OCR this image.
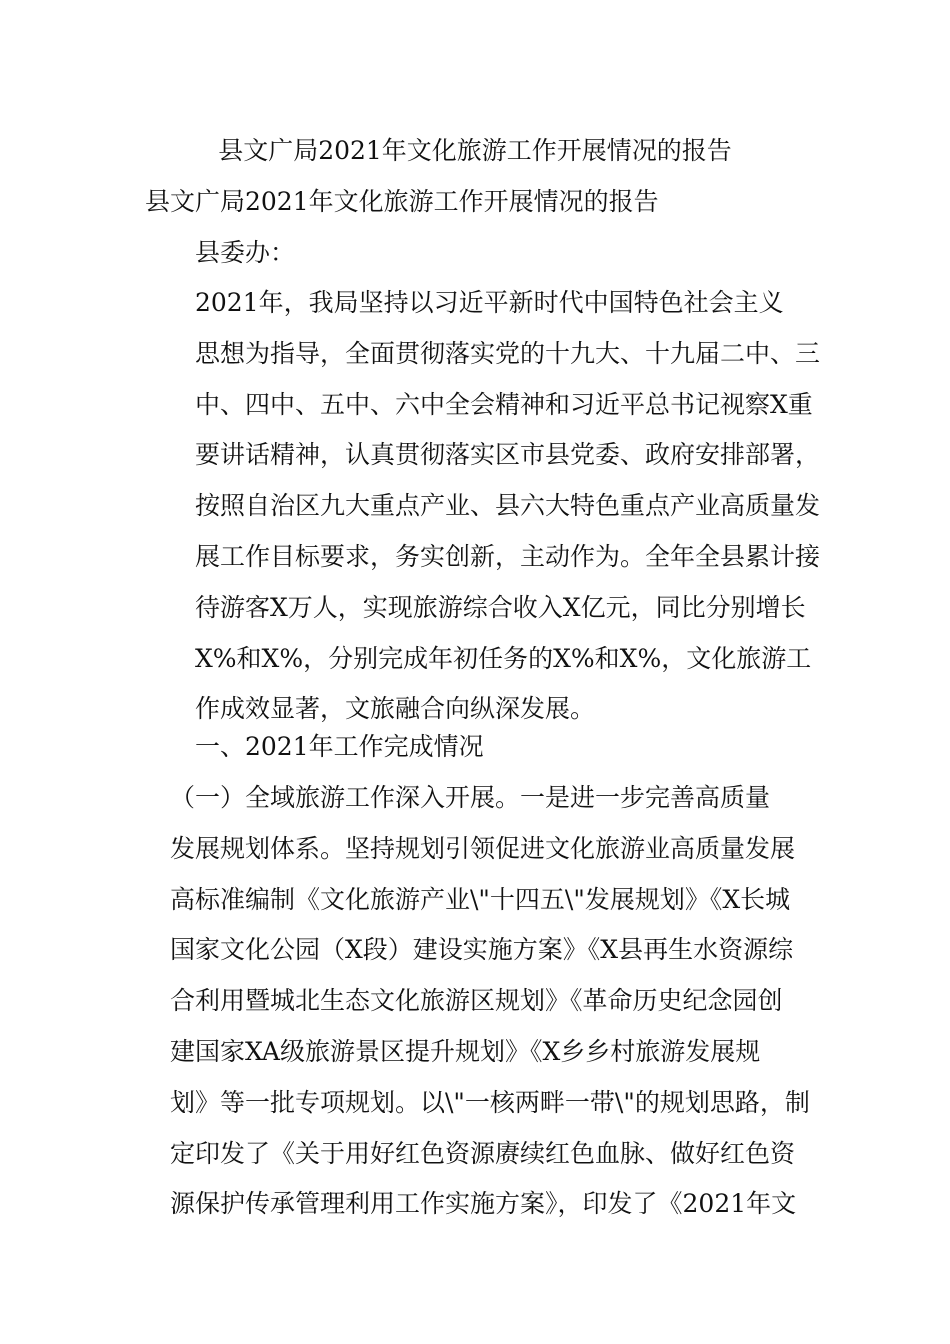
县文广局2021年文化旅游工作开展情况的报告
县文广局2021年文化旅游工作开展情况的报告
县委办：
2021年，我局坚持以习近平新时代中国特色社会主义
思想为指导，全面贯彻落实党的十九大、十九届二中、三
中、四中、五中、六中全会精神和习近平总书记视察X重
要讲话精神，认真贯彻落实区市县党委、政府安排部署，
按照自治区九大重点产业、县六大特色重点产业高质量发
展工作目标要求，务实创新，主动作为。全年全县累计接
待游客X万人，实现旅游综合收入X亿元，同比分别增长
X%和X%，分别完成年初任务的X%和X%，文化旅游工
作成效显著，文旅融合向纵深发展。
一、2021年工作完成情况
（一）全域旅游工作深入开展。一是进一步完善高质量
发展规划体系。坚持规划引领促进文化旅游业高质量发展
高标准编制《文化旅游产业\"十四五\"发展规划》《X长城
国家文化公园（X段）建设实施方案》《X县再生水资源综
合利用暨城北生态文化旅游区规划》《革命历史纪念园创
建国家XA级旅游景区提升规划》《X乡乡村旅游发展规
划》等一批专项规划。以\"一核两畔一带\"的规划思路，制
定印发了《关于用好红色资源赓续红色血脉、做好红色资
源保护传承管理利用工作实施方案》，印发了《2021年文
